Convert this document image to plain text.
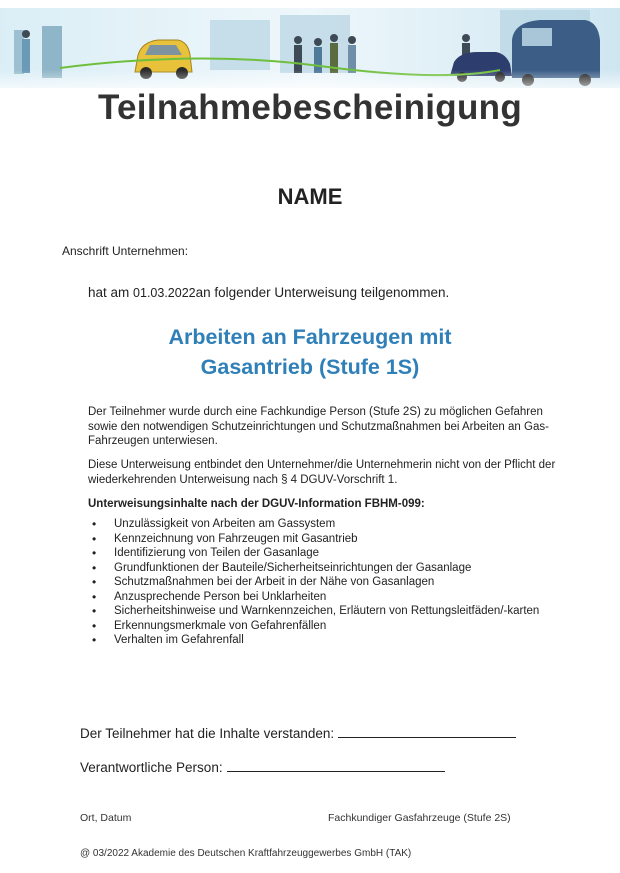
Teilnahmebescheinigung
NAME
Anschrift Unternehmen:
hat am 01.03.2022an folgender Unterweisung teilgenommen.
Arbeiten an Fahrzeugen mit
Gasantrieb (Stufe 1S)
Der Teilnehmer wurde durch eine Fachkundige Person (Stufe 2S) zu möglichen Gefahren sowie den notwendigen Schutzeinrichtungen und Schutzmaßnahmen bei Arbeiten an Gas-Fahrzeugen unterwiesen.
Diese Unterweisung entbindet den Unternehmer/die Unternehmerin nicht von der Pflicht der wiederkehrenden Unterweisung nach § 4 DGUV-Vorschrift 1.
Unterweisungsinhalte nach der DGUV-Information FBHM-099:
• Unzulässigkeit von Arbeiten am Gassystem
• Kennzeichnung von Fahrzeugen mit Gasantrieb
• Identifizierung von Teilen der Gasanlage
• Grundfunktionen der Bauteile/Sicherheitseinrichtungen der Gasanlage
• Schutzmaßnahmen bei der Arbeit in der Nähe von Gasanlagen
• Anzusprechende Person bei Unklarheiten
• Sicherheitshinweise und Warnkennzeichen, Erläutern von Rettungsleitfäden/-karten
• Erkennungsmerkmale von Gefahrenfällen
• Verhalten im Gefahrenfall
Der Teilnehmer hat die Inhalte verstanden:
Verantwortliche Person:
Ort, Datum	Fachkundiger Gasfahrzeuge (Stufe 2S)
@ 03/2022 Akademie des Deutschen Kraftfahrzeuggewerbes GmbH (TAK)
